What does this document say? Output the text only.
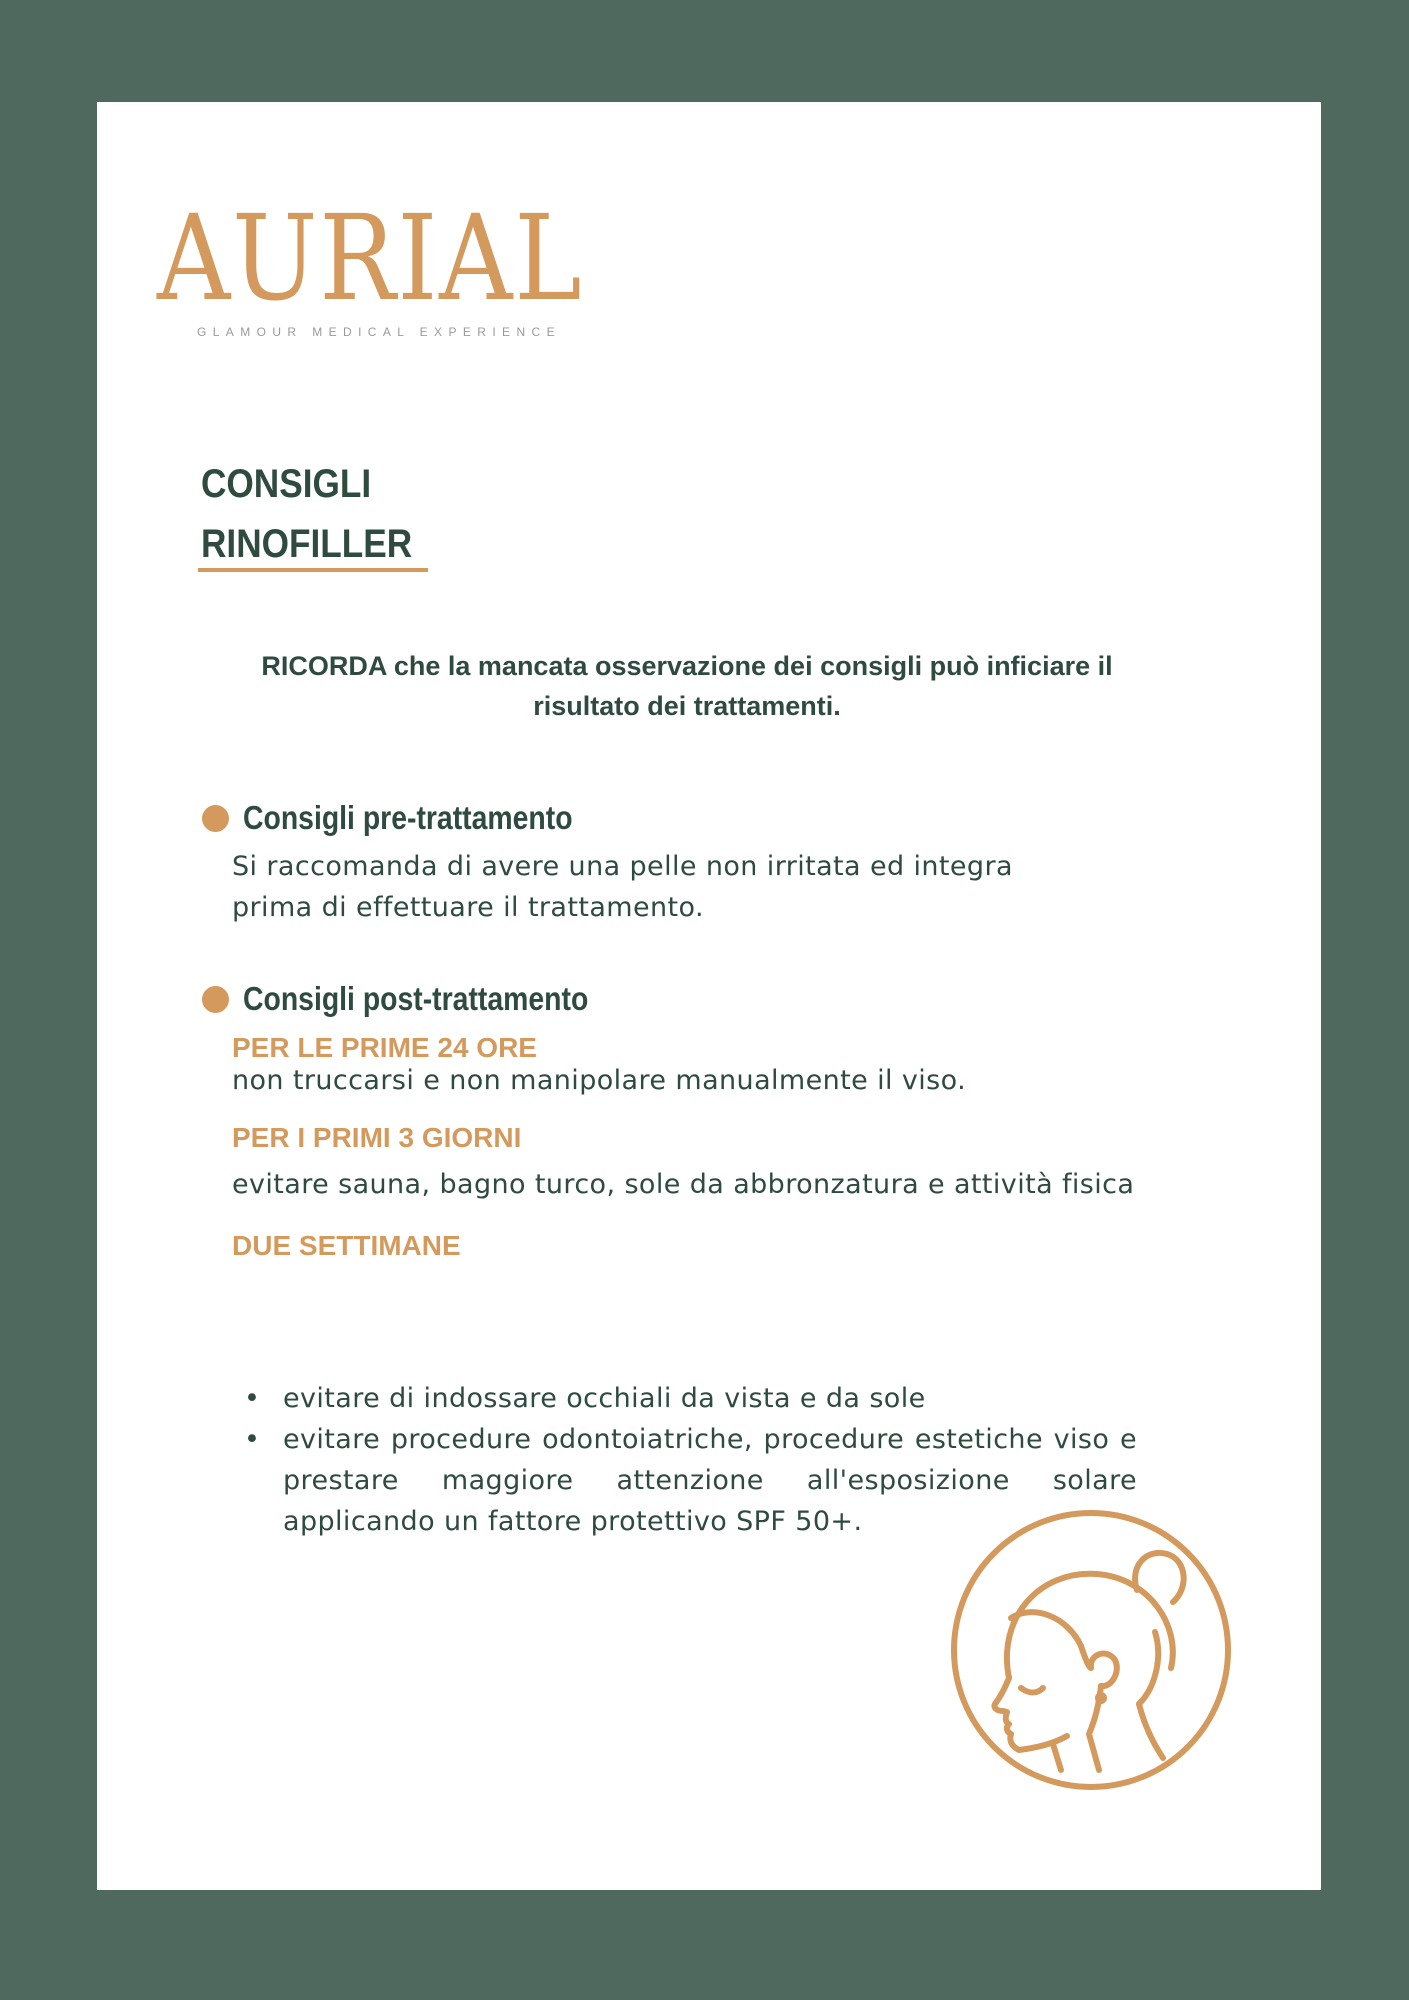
AURIAL
GLAMOUR MEDICAL EXPERIENCE
CONSIGLI
RINOFILLER
RICORDA che la mancata osservazione dei consigli può inficiare il risultato dei trattamenti.
Consigli pre-trattamento
Si raccomanda di avere una pelle non irritata ed integra prima di effettuare il trattamento.
Consigli post-trattamento
PER LE PRIME 24 ORE
non truccarsi e non manipolare manualmente il viso.
PER I PRIMI 3 GIORNI
evitare sauna, bagno turco, sole da abbronzatura e attività fisica
DUE SETTIMANE
• evitare di indossare occhiali da vista e da sole
• evitare procedure odontoiatriche, procedure estetiche viso e prestare maggiore attenzione all'esposizione solare applicando un fattore protettivo SPF 50+.
